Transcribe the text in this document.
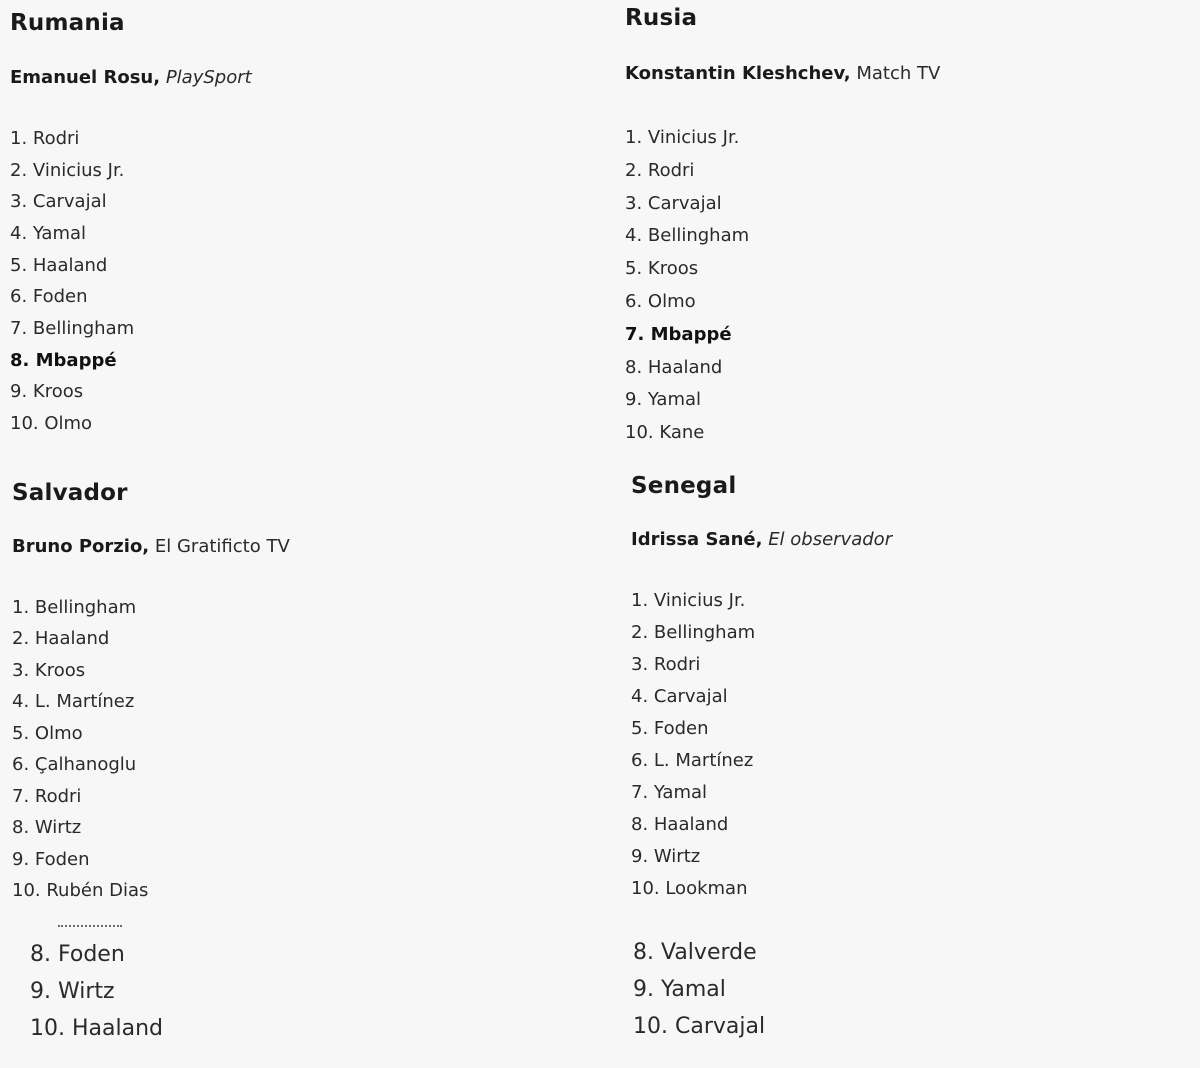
Rumania
Emanuel Rosu, PlaySport
1. Rodri
2. Vinicius Jr.
3. Carvajal
4. Yamal
5. Haaland
6. Foden
7. Bellingham
8. Mbappé
9. Kroos
10. Olmo
Rusia
Konstantin Kleshchev, Match TV
1. Vinicius Jr.
2. Rodri
3. Carvajal
4. Bellingham
5. Kroos
6. Olmo
7. Mbappé
8. Haaland
9. Yamal
10. Kane
Salvador
Bruno Porzio, El Gratificto TV
1. Bellingham
2. Haaland
3. Kroos
4. L. Martínez
5. Olmo
6. Çalhanoglu
7. Rodri
8. Wirtz
9. Foden
10. Rubén Dias
Senegal
Idrissa Sané, El observador
1. Vinicius Jr.
2. Bellingham
3. Rodri
4. Carvajal
5. Foden
6. L. Martínez
7. Yamal
8. Haaland
9. Wirtz
10. Lookman
8. Foden
9. Wirtz
10. Haaland
8. Valverde
9. Yamal
10. Carvajal
